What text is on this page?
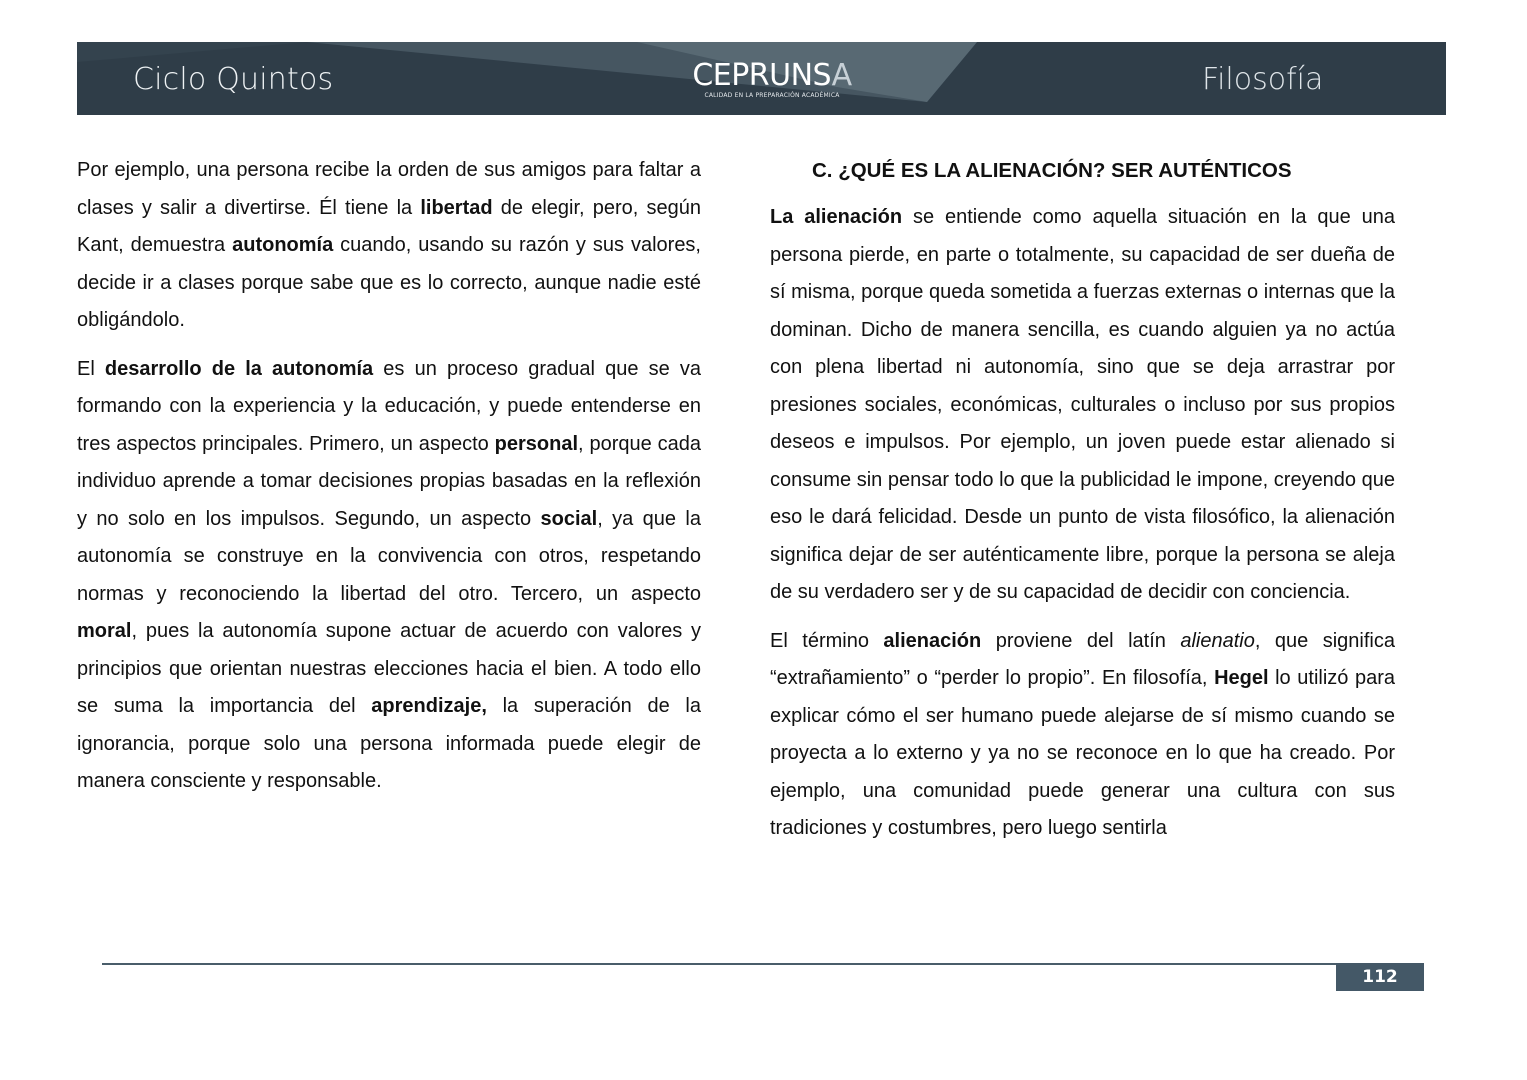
Ciclo Quintos	CEPRUNSA
CALIDAD EN LA PREPARACIÓN ACADÉMICA	Filosofía

Por ejemplo, una persona recibe la orden de sus amigos para faltar a clases y salir a divertirse. Él tiene la libertad de elegir, pero, según Kant, demuestra autonomía cuando, usando su razón y sus valores, decide ir a clases porque sabe que es lo correcto, aunque nadie esté obligándolo.

El desarrollo de la autonomía es un proceso gradual que se va formando con la experiencia y la educación, y puede entenderse en tres aspectos principales. Primero, un aspecto personal, porque cada individuo aprende a tomar decisiones propias basadas en la reflexión y no solo en los impulsos. Segundo, un aspecto social, ya que la autonomía se construye en la convivencia con otros, respetando normas y reconociendo la libertad del otro. Tercero, un aspecto moral, pues la autonomía supone actuar de acuerdo con valores y principios que orientan nuestras elecciones hacia el bien. A todo ello se suma la importancia del aprendizaje, la superación de la ignorancia, porque solo una persona informada puede elegir de manera consciente y responsable.

C. ¿QUÉ ES LA ALIENACIÓN? SER AUTÉNTICOS

La alienación se entiende como aquella situación en la que una persona pierde, en parte o totalmente, su capacidad de ser dueña de sí misma, porque queda sometida a fuerzas externas o internas que la dominan. Dicho de manera sencilla, es cuando alguien ya no actúa con plena libertad ni autonomía, sino que se deja arrastrar por presiones sociales, económicas, culturales o incluso por sus propios deseos e impulsos. Por ejemplo, un joven puede estar alienado si consume sin pensar todo lo que la publicidad le impone, creyendo que eso le dará felicidad. Desde un punto de vista filosófico, la alienación significa dejar de ser auténticamente libre, porque la persona se aleja de su verdadero ser y de su capacidad de decidir con conciencia.

El término alienación proviene del latín alienatio, que significa “extrañamiento” o “perder lo propio”. En filosofía, Hegel lo utilizó para explicar cómo el ser humano puede alejarse de sí mismo cuando se proyecta a lo externo y ya no se reconoce en lo que ha creado. Por ejemplo, una comunidad puede generar una cultura con sus tradiciones y costumbres, pero luego sentirla

112
